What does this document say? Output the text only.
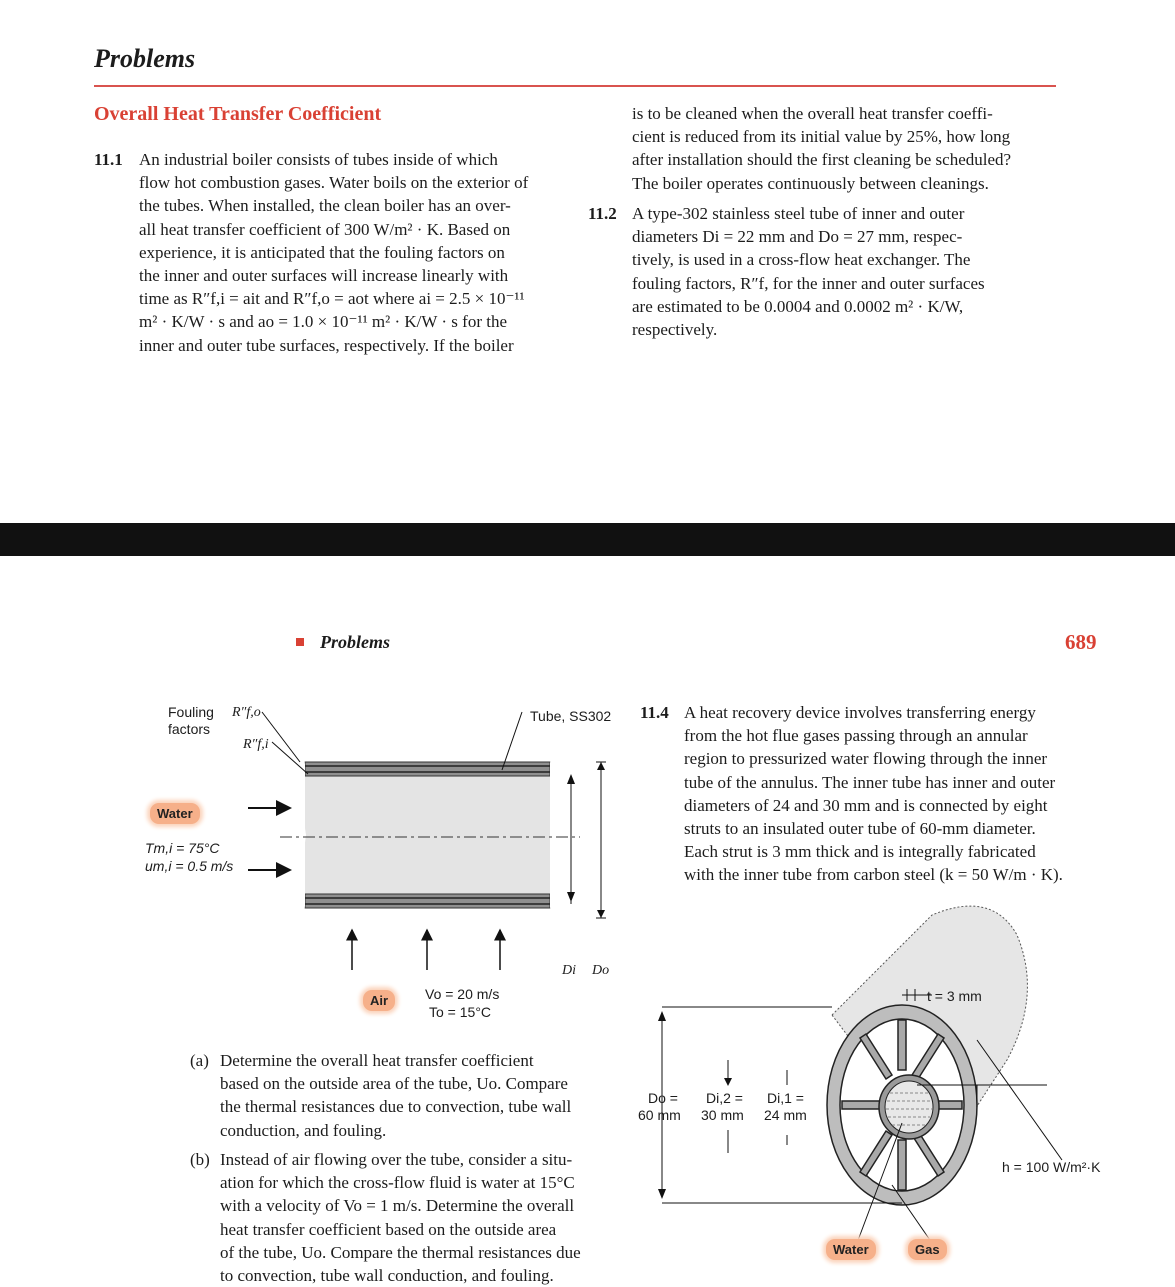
Problems
Overall Heat Transfer Coefficient
11.1 An industrial boiler consists of tubes inside of which
flow hot combustion gases. Water boils on the exterior of
the tubes. When installed, the clean boiler has an over-
all heat transfer coefficient of 300 W/m² · K. Based on
experience, it is anticipated that the fouling factors on
the inner and outer surfaces will increase linearly with
time as R″f,i = ait and R″f,o = aot where ai = 2.5 × 10⁻¹¹
m² · K/W · s and ao = 1.0 × 10⁻¹¹ m² · K/W · s for the
inner and outer tube surfaces, respectively. If the boiler
is to be cleaned when the overall heat transfer coeffi-
cient is reduced from its initial value by 25%, how long
after installation should the first cleaning be scheduled?
The boiler operates continuously between cleanings.
11.2 A type-302 stainless steel tube of inner and outer
diameters Di = 22 mm and Do = 27 mm, respec-
tively, is used in a cross-flow heat exchanger. The
fouling factors, R″f, for the inner and outer surfaces
are estimated to be 0.0004 and 0.0002 m² · K/W,
respectively.
Problems	689
Fouling
factors
R″f,o
R″f,i
Tube, SS302
Water
Tm,i = 75°C
um,i = 0.5 m/s
Air	Vo = 20 m/s
To = 15°C
Di Do
(a) Determine the overall heat transfer coefficient
based on the outside area of the tube, Uo. Compare
the thermal resistances due to convection, tube wall
conduction, and fouling.
(b) Instead of air flowing over the tube, consider a situ-
ation for which the cross-flow fluid is water at 15°C
with a velocity of Vo = 1 m/s. Determine the overall
heat transfer coefficient based on the outside area
of the tube, Uo. Compare the thermal resistances due
to convection, tube wall conduction, and fouling.
11.4 A heat recovery device involves transferring energy
from the hot flue gases passing through an annular
region to pressurized water flowing through the inner
tube of the annulus. The inner tube has inner and outer
diameters of 24 and 30 mm and is connected by eight
struts to an insulated outer tube of 60-mm diameter.
Each strut is 3 mm thick and is integrally fabricated
with the inner tube from carbon steel (k = 50 W/m · K).
t = 3 mm
Do =
60 mm
Di,2 =
30 mm
Di,1 =
24 mm
h = 100 W/m²·K
Water	Gas
